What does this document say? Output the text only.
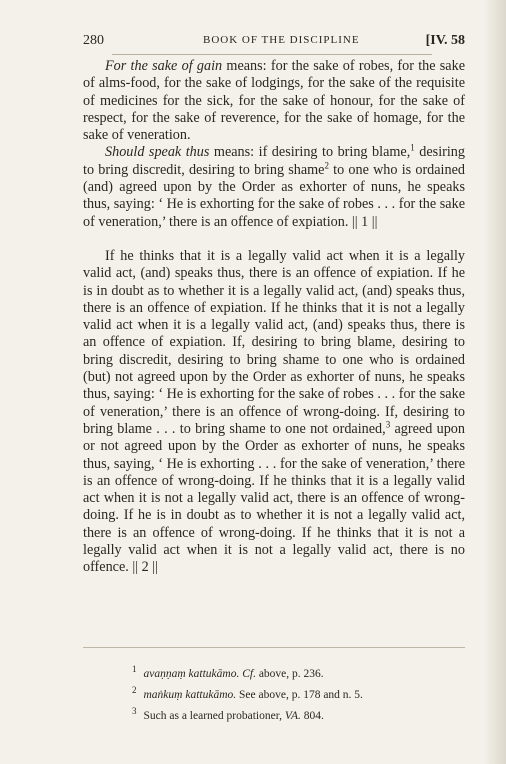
280	BOOK OF THE DISCIPLINE	[IV. 58

For the sake of gain means: for the sake of robes, for the sake of alms-food, for the sake of lodgings, for the sake of the requisite of medicines for the sick, for the sake of honour, for the sake of respect, for the sake of reverence, for the sake of homage, for the sake of veneration.

Should speak thus means: if desiring to bring blame,$^1$ desiring to bring discredit, desiring to bring shame$^2$ to one who is ordained (and) agreed upon by the Order as exhorter of nuns, he speaks thus, saying: ‘ He is exhorting for the sake of robes . . . for the sake of veneration,’ there is an offence of expiation. || 1 ||

If he thinks that it is a legally valid act when it is a legally valid act, (and) speaks thus, there is an offence of expiation. If he is in doubt as to whether it is a legally valid act, (and) speaks thus, there is an offence of expiation. If he thinks that it is not a legally valid act when it is a legally valid act, (and) speaks thus, there is an offence of expiation. If, desiring to bring blame, desiring to bring discredit, desiring to bring shame to one who is ordained (but) not agreed upon by the Order as exhorter of nuns, he speaks thus, saying: ‘ He is exhorting for the sake of robes . . . for the sake of veneration,’ there is an offence of wrong-doing. If, desiring to bring blame . . . to bring shame to one not ordained,$^3$ agreed upon or not agreed upon by the Order as exhorter of nuns, he speaks thus, saying, ‘ He is exhorting . . . for the sake of veneration,’ there is an offence of wrong-doing. If he thinks that it is a legally valid act when it is not a legally valid act, there is an offence of wrong-doing. If he is in doubt as to whether it is not a legally valid act, there is an offence of wrong-doing. If he thinks that it is not a legally valid act when it is not a legally valid act, there is no offence. || 2 ||

$^1$ avaṇṇaṃ kattukāmo. Cf. above, p. 236.
$^2$ maṅkuṃ kattukāmo. See above, p. 178 and n. 5.
$^3$ Such as a learned probationer, VA. 804.
